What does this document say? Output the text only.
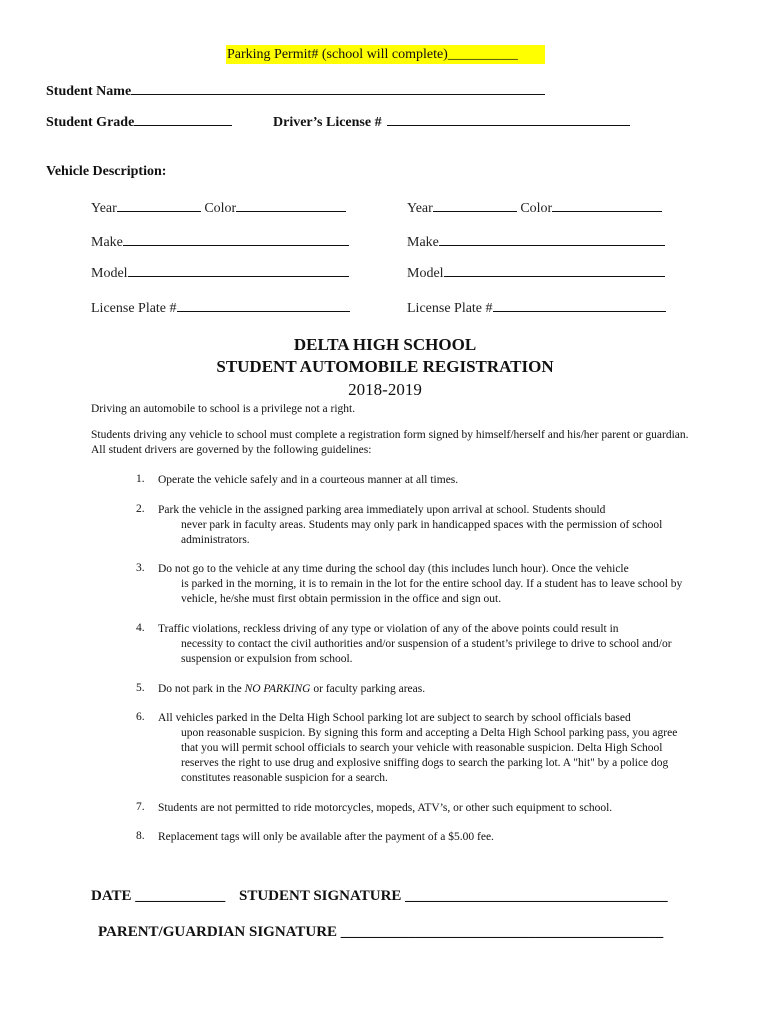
Parking Permit# (school will complete)__________
Student Name
Student Grade	Driver’s License #
Vehicle Description:
Year	Color
Make
Model
License Plate #
Year	Color
Make
Model
License Plate #
DELTA HIGH SCHOOL
STUDENT AUTOMOBILE REGISTRATION
2018-2019
Driving an automobile to school is a privilege not a right.
Students driving any vehicle to school must complete a registration form signed by himself/herself and his/her parent or guardian. All student drivers are governed by the following guidelines:
1. Operate the vehicle safely and in a courteous manner at all times.
2. Park the vehicle in the assigned parking area immediately upon arrival at school. Students should
never park in faculty areas. Students may only park in handicapped spaces with the permission of school administrators.
3. Do not go to the vehicle at any time during the school day (this includes lunch hour). Once the vehicle
is parked in the morning, it is to remain in the lot for the entire school day. If a student has to leave school by vehicle, he/she must first obtain permission in the office and sign out.
4. Traffic violations, reckless driving of any type or violation of any of the above points could result in
necessity to contact the civil authorities and/or suspension of a student’s privilege to drive to school and/or suspension or expulsion from school.
5. Do not park in the NO PARKING or faculty parking areas.
6. All vehicles parked in the Delta High School parking lot are subject to search by school officials based
upon reasonable suspicion. By signing this form and accepting a Delta High School parking pass, you agree that you will permit school officials to search your vehicle with reasonable suspicion. Delta High School reserves the right to use drug and explosive sniffing dogs to search the parking lot. A "hit" by a police dog constitutes reasonable suspicion for a search.
7. Students are not permitted to ride motorcycles, mopeds, ATV’s, or other such equipment to school.
8. Replacement tags will only be available after the payment of a $5.00 fee.
DATE ____________ STUDENT SIGNATURE ___________________________________
PARENT/GUARDIAN SIGNATURE ___________________________________________
